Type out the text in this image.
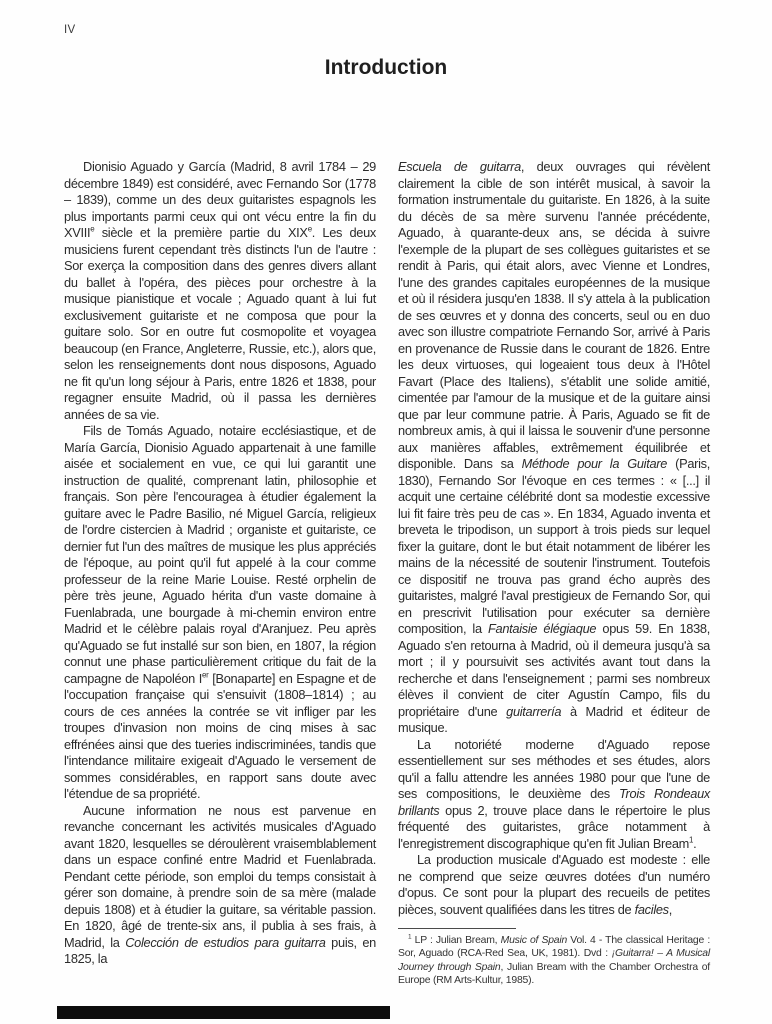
IV
Introduction

Dionisio Aguado y García (Madrid, 8 avril 1784 – 29 décembre 1849) est considéré, avec Fernando Sor (1778 – 1839), comme un des deux guitaristes espagnols les plus importants parmi ceux qui ont vécu entre la fin du XVIIIe siècle et la première partie du XIXe. Les deux musiciens furent cependant très distincts l'un de l'autre : Sor exerça la composition dans des genres divers allant du ballet à l'opéra, des pièces pour orchestre à la musique pianistique et vocale ; Aguado quant à lui fut exclusivement guitariste et ne composa que pour la guitare solo. Sor en outre fut cosmopolite et voyagea beaucoup (en France, Angleterre, Russie, etc.), alors que, selon les renseignements dont nous disposons, Aguado ne fit qu'un long séjour à Paris, entre 1826 et 1838, pour regagner ensuite Madrid, où il passa les dernières années de sa vie.

Fils de Tomás Aguado, notaire ecclésiastique, et de María García, Dionisio Aguado appartenait à une famille aisée et socialement en vue, ce qui lui garantit une instruction de qualité, comprenant latin, philosophie et français. Son père l'encouragea à étudier également la guitare avec le Padre Basilio, né Miguel García, religieux de l'ordre cistercien à Madrid ; organiste et guitariste, ce dernier fut l'un des maîtres de musique les plus appréciés de l'époque, au point qu'il fut appelé à la cour comme professeur de la reine Marie Louise. Resté orphelin de père très jeune, Aguado hérita d'un vaste domaine à Fuenlabrada, une bourgade à mi-chemin environ entre Madrid et le célèbre palais royal d'Aranjuez. Peu après qu'Aguado se fut installé sur son bien, en 1807, la région connut une phase particulièrement critique du fait de la campagne de Napoléon Ier [Bonaparte] en Espagne et de l'occupation française qui s'ensuivit (1808–1814) ; au cours de ces années la contrée se vit infliger par les troupes d'invasion non moins de cinq mises à sac effrénées ainsi que des tueries indiscriminées, tandis que l'intendance militaire exigeait d'Aguado le versement de sommes considérables, en rapport sans doute avec l'étendue de sa propriété.

Aucune information ne nous est parvenue en revanche concernant les activités musicales d'Aguado avant 1820, lesquelles se déroulèrent vraisemblablement dans un espace confiné entre Madrid et Fuenlabrada. Pendant cette période, son emploi du temps consistait à gérer son domaine, à prendre soin de sa mère (malade depuis 1808) et à étudier la guitare, sa véritable passion. En 1820, âgé de trente-six ans, il publia à ses frais, à Madrid, la Colección de estudios para guitarra puis, en 1825, la

Escuela de guitarra, deux ouvrages qui révèlent clairement la cible de son intérêt musical, à savoir la formation instrumentale du guitariste. En 1826, à la suite du décès de sa mère survenu l'année précédente, Aguado, à quarante-deux ans, se décida à suivre l'exemple de la plupart de ses collègues guitaristes et se rendit à Paris, qui était alors, avec Vienne et Londres, l'une des grandes capitales européennes de la musique et où il résidera jusqu'en 1838. Il s'y attela à la publication de ses œuvres et y donna des concerts, seul ou en duo avec son illustre compatriote Fernando Sor, arrivé à Paris en provenance de Russie dans le courant de 1826. Entre les deux virtuoses, qui logeaient tous deux à l'Hôtel Favart (Place des Italiens), s'établit une solide amitié, cimentée par l'amour de la musique et de la guitare ainsi que par leur commune patrie. À Paris, Aguado se fit de nombreux amis, à qui il laissa le souvenir d'une personne aux manières affables, extrêmement équilibrée et disponible. Dans sa Méthode pour la Guitare (Paris, 1830), Fernando Sor l'évoque en ces termes : « [...] il acquit une certaine célébrité dont sa modestie excessive lui fit faire très peu de cas ». En 1834, Aguado inventa et breveta le tripodison, un support à trois pieds sur lequel fixer la guitare, dont le but était notamment de libérer les mains de la nécessité de soutenir l'instrument. Toutefois ce dispositif ne trouva pas grand écho auprès des guitaristes, malgré l'aval prestigieux de Fernando Sor, qui en prescrivit l'utilisation pour exécuter sa dernière composition, la Fantaisie élégiaque opus 59. En 1838, Aguado s'en retourna à Madrid, où il demeura jusqu'à sa mort ; il y poursuivit ses activités avant tout dans la recherche et dans l'enseignement ; parmi ses nombreux élèves il convient de citer Agustín Campo, fils du propriétaire d'une guitarrería à Madrid et éditeur de musique.

La notoriété moderne d'Aguado repose essentiellement sur ses méthodes et ses études, alors qu'il a fallu attendre les années 1980 pour que l'une de ses compositions, le deuxième des Trois Rondeaux brillants opus 2, trouve place dans le répertoire le plus fréquenté des guitaristes, grâce notamment à l'enregistrement discographique qu'en fit Julian Bream$^1$.

La production musicale d'Aguado est modeste : elle ne comprend que seize œuvres dotées d'un numéro d'opus. Ce sont pour la plupart des recueils de petites pièces, souvent qualifiées dans les titres de faciles,

$^1$ LP : Julian Bream, Music of Spain Vol. 4 - The classical Heritage : Sor, Aguado (RCA-Red Sea, UK, 1981). Dvd : ¡Guitarra! – A Musical Journey through Spain, Julian Bream with the Chamber Orchestra of Europe (RM Arts-Kultur, 1985).
